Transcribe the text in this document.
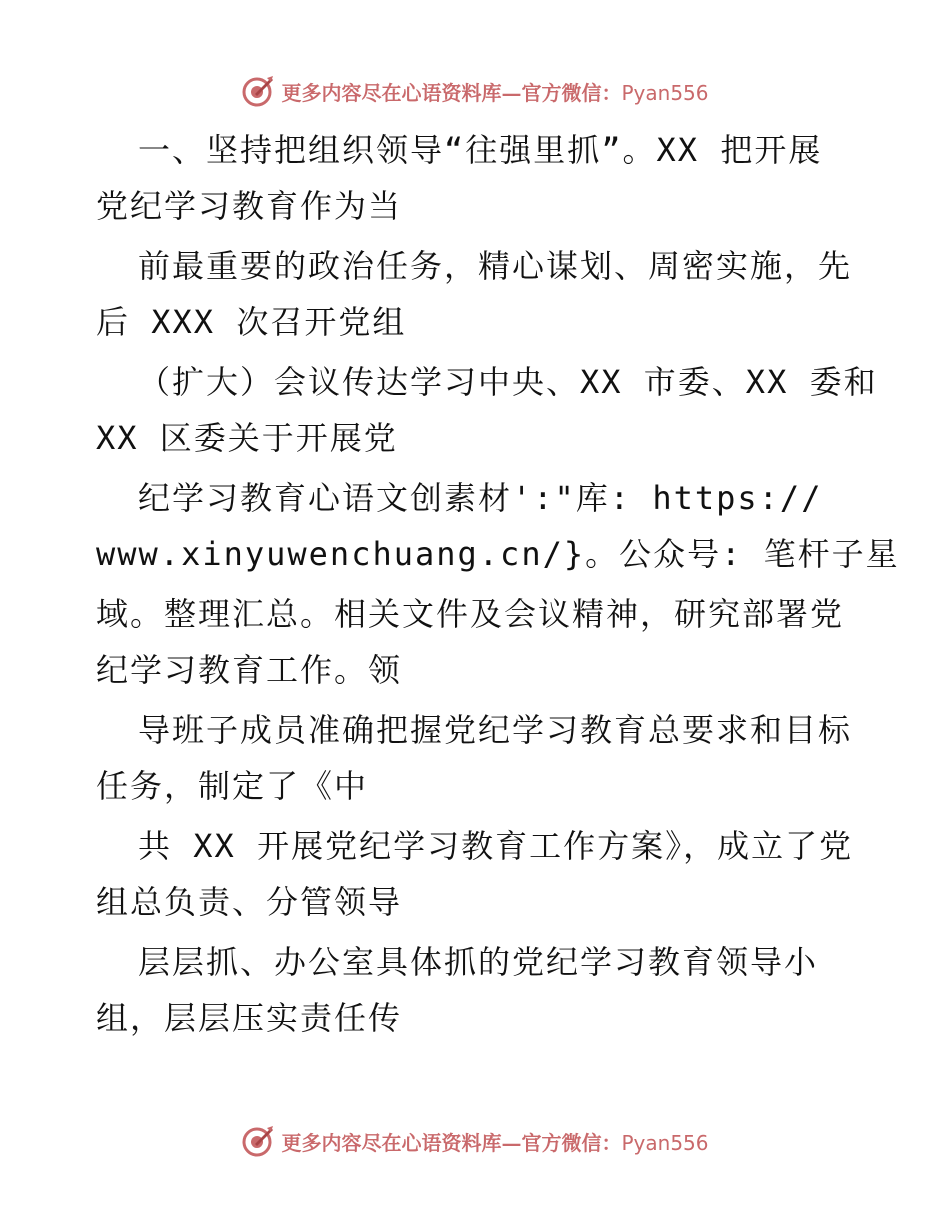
更多内容尽在心语资料库—官方微信：Pyan556
一、坚持把组织领导“往强里抓”。XX 把开展
党纪学习教育作为当
前最重要的政治任务，精心谋划、周密实施，先
后 XXX 次召开党组
（扩大）会议传达学习中央、XX 市委、XX 委和
XX 区委关于开展党
纪学习教育心语文创素材':"库: https://
www.xinyuwenchuang.cn/}。公众号: 笔杆子星
域。整理汇总。相关文件及会议精神，研究部署党
纪学习教育工作。领
导班子成员准确把握党纪学习教育总要求和目标
任务，制定了《中
共 XX 开展党纪学习教育工作方案》，成立了党
组总负责、分管领导
层层抓、办公室具体抓的党纪学习教育领导小
组，层层压实责任传
更多内容尽在心语资料库—官方微信：Pyan556
